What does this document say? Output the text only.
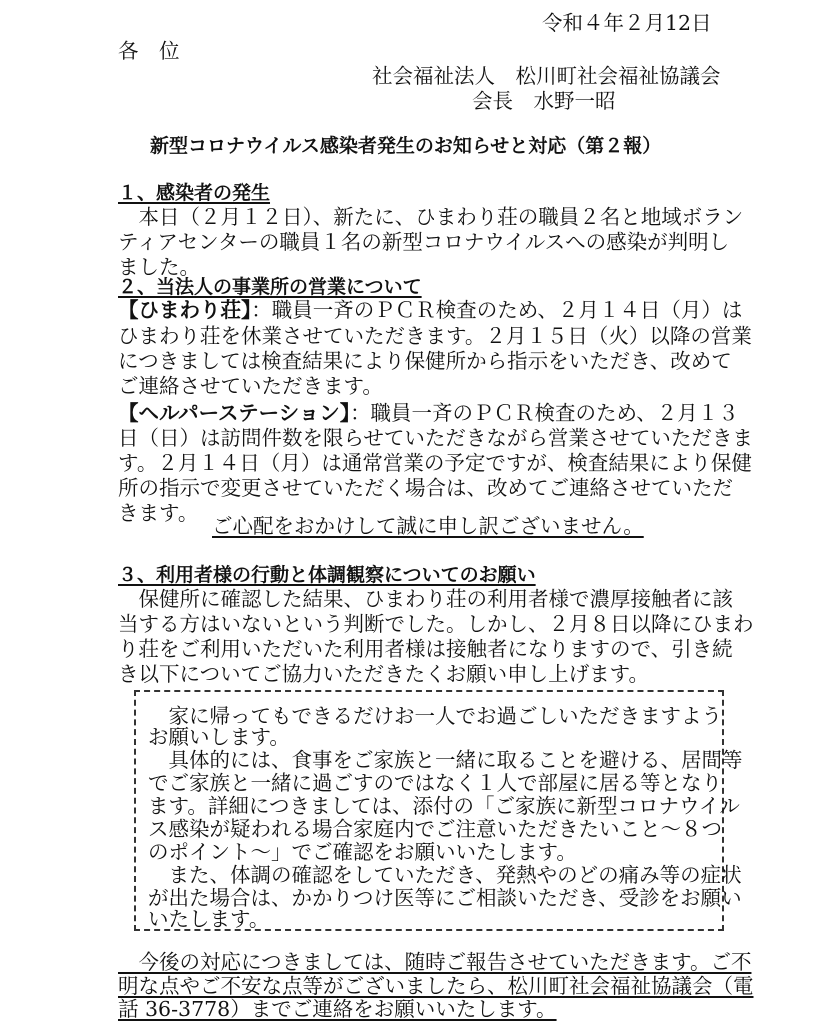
令和４年２月12日
各　位
社会福祉法人　松川町社会福祉協議会
会長　水野一昭
新型コロナウイルス感染者発生のお知らせと対応（第２報）
１、感染者の発生
　本日（２月１２日）、新たに、ひまわり荘の職員２名と地域ボラン
ティアセンターの職員１名の新型コロナウイルスへの感染が判明し
ました。
２、当法人の事業所の営業について
【ひまわり荘】：職員一斉のＰＣＲ検査のため、２月１４日（月）は
ひまわり荘を休業させていただきます。２月１５日（火）以降の営業
につきましては検査結果により保健所から指示をいただき、改めて
ご連絡させていただきます。
【ヘルパーステーション】：職員一斉のＰＣＲ検査のため、２月１３
日（日）は訪問件数を限らせていただきながら営業させていただきま
す。２月１４日（月）は通常営業の予定ですが、検査結果により保健
所の指示で変更させていただく場合は、改めてご連絡させていただ
きます。
ご心配をおかけして誠に申し訳ございません。
３、利用者様の行動と体調観察についてのお願い
　保健所に確認した結果、ひまわり荘の利用者様で濃厚接触者に該
当する方はいないという判断でした。しかし、２月８日以降にひまわ
り荘をご利用いただいた利用者様は接触者になりますので、引き続
き以下についてご協力いただきたくお願い申し上げます。
　家に帰ってもできるだけお一人でお過ごしいただきますよう
お願いします。
　具体的には、食事をご家族と一緒に取ることを避ける、居間等
でご家族と一緒に過ごすのではなく１人で部屋に居る等となり
ます。詳細につきましては、添付の「ご家族に新型コロナウイル
ス感染が疑われる場合家庭内でご注意いただきたいこと～８つ
のポイント～」でご確認をお願いいたします。
　また、体調の確認をしていただき、発熱やのどの痛み等の症状
が出た場合は、かかりつけ医等にご相談いただき、受診をお願い
いたします。
　今後の対応につきましては、随時ご報告させていただきます。ご不
明な点やご不安な点等がございましたら、松川町社会福祉協議会（電
話 36-3778）までご連絡をお願いいたします。
